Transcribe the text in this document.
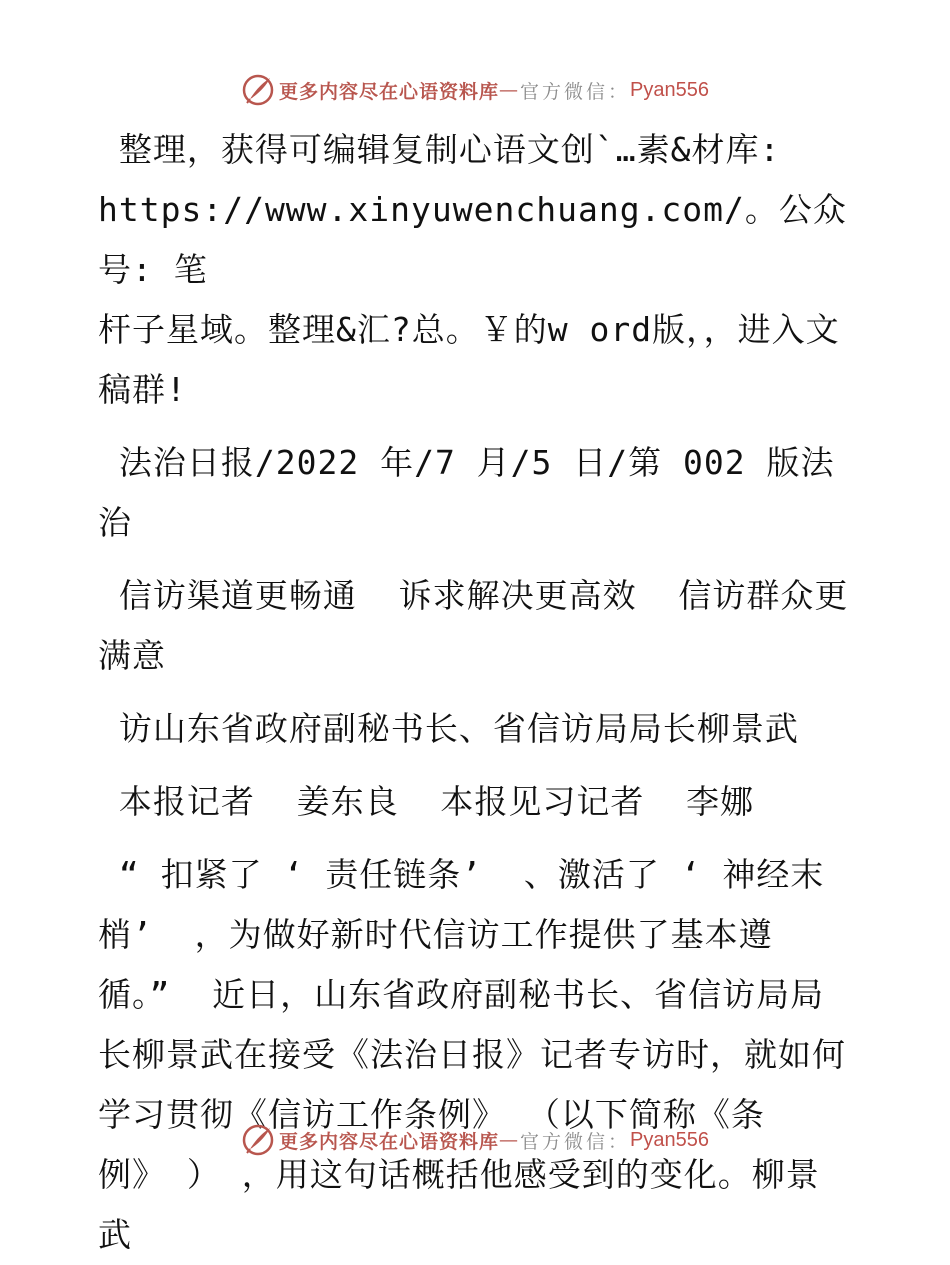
更多内容尽在心语资料库 — 官方微信： Pyan556

整理，获得可编辑复制心语文创`…素&材库:
https://www.xinyuwenchuang.com/。公众号: 笔
杆子星域。整理&汇?总。￥的w ord版，，进入文
稿群!

法治日报/2022 年/7 月/5 日/第 002 版法治

信访渠道更畅通  诉求解决更高效  信访群众更
满意

访山东省政府副秘书长、省信访局局长柳景武

本报记者  姜东良  本报见习记者  李娜

“ 扣紧了 ‘ 责任链条’  、激活了 ‘ 神经末
梢’  ，为做好新时代信访工作提供了基本遵
循。”  近日，山东省政府副秘书长、省信访局局
长柳景武在接受《法治日报》记者专访时，就如何
学习贯彻《信访工作条例》 （以下简称《条
例》 ） ，用这句话概括他感受到的变化。柳景武

更多内容尽在心语资料库 — 官方微信： Pyan556
